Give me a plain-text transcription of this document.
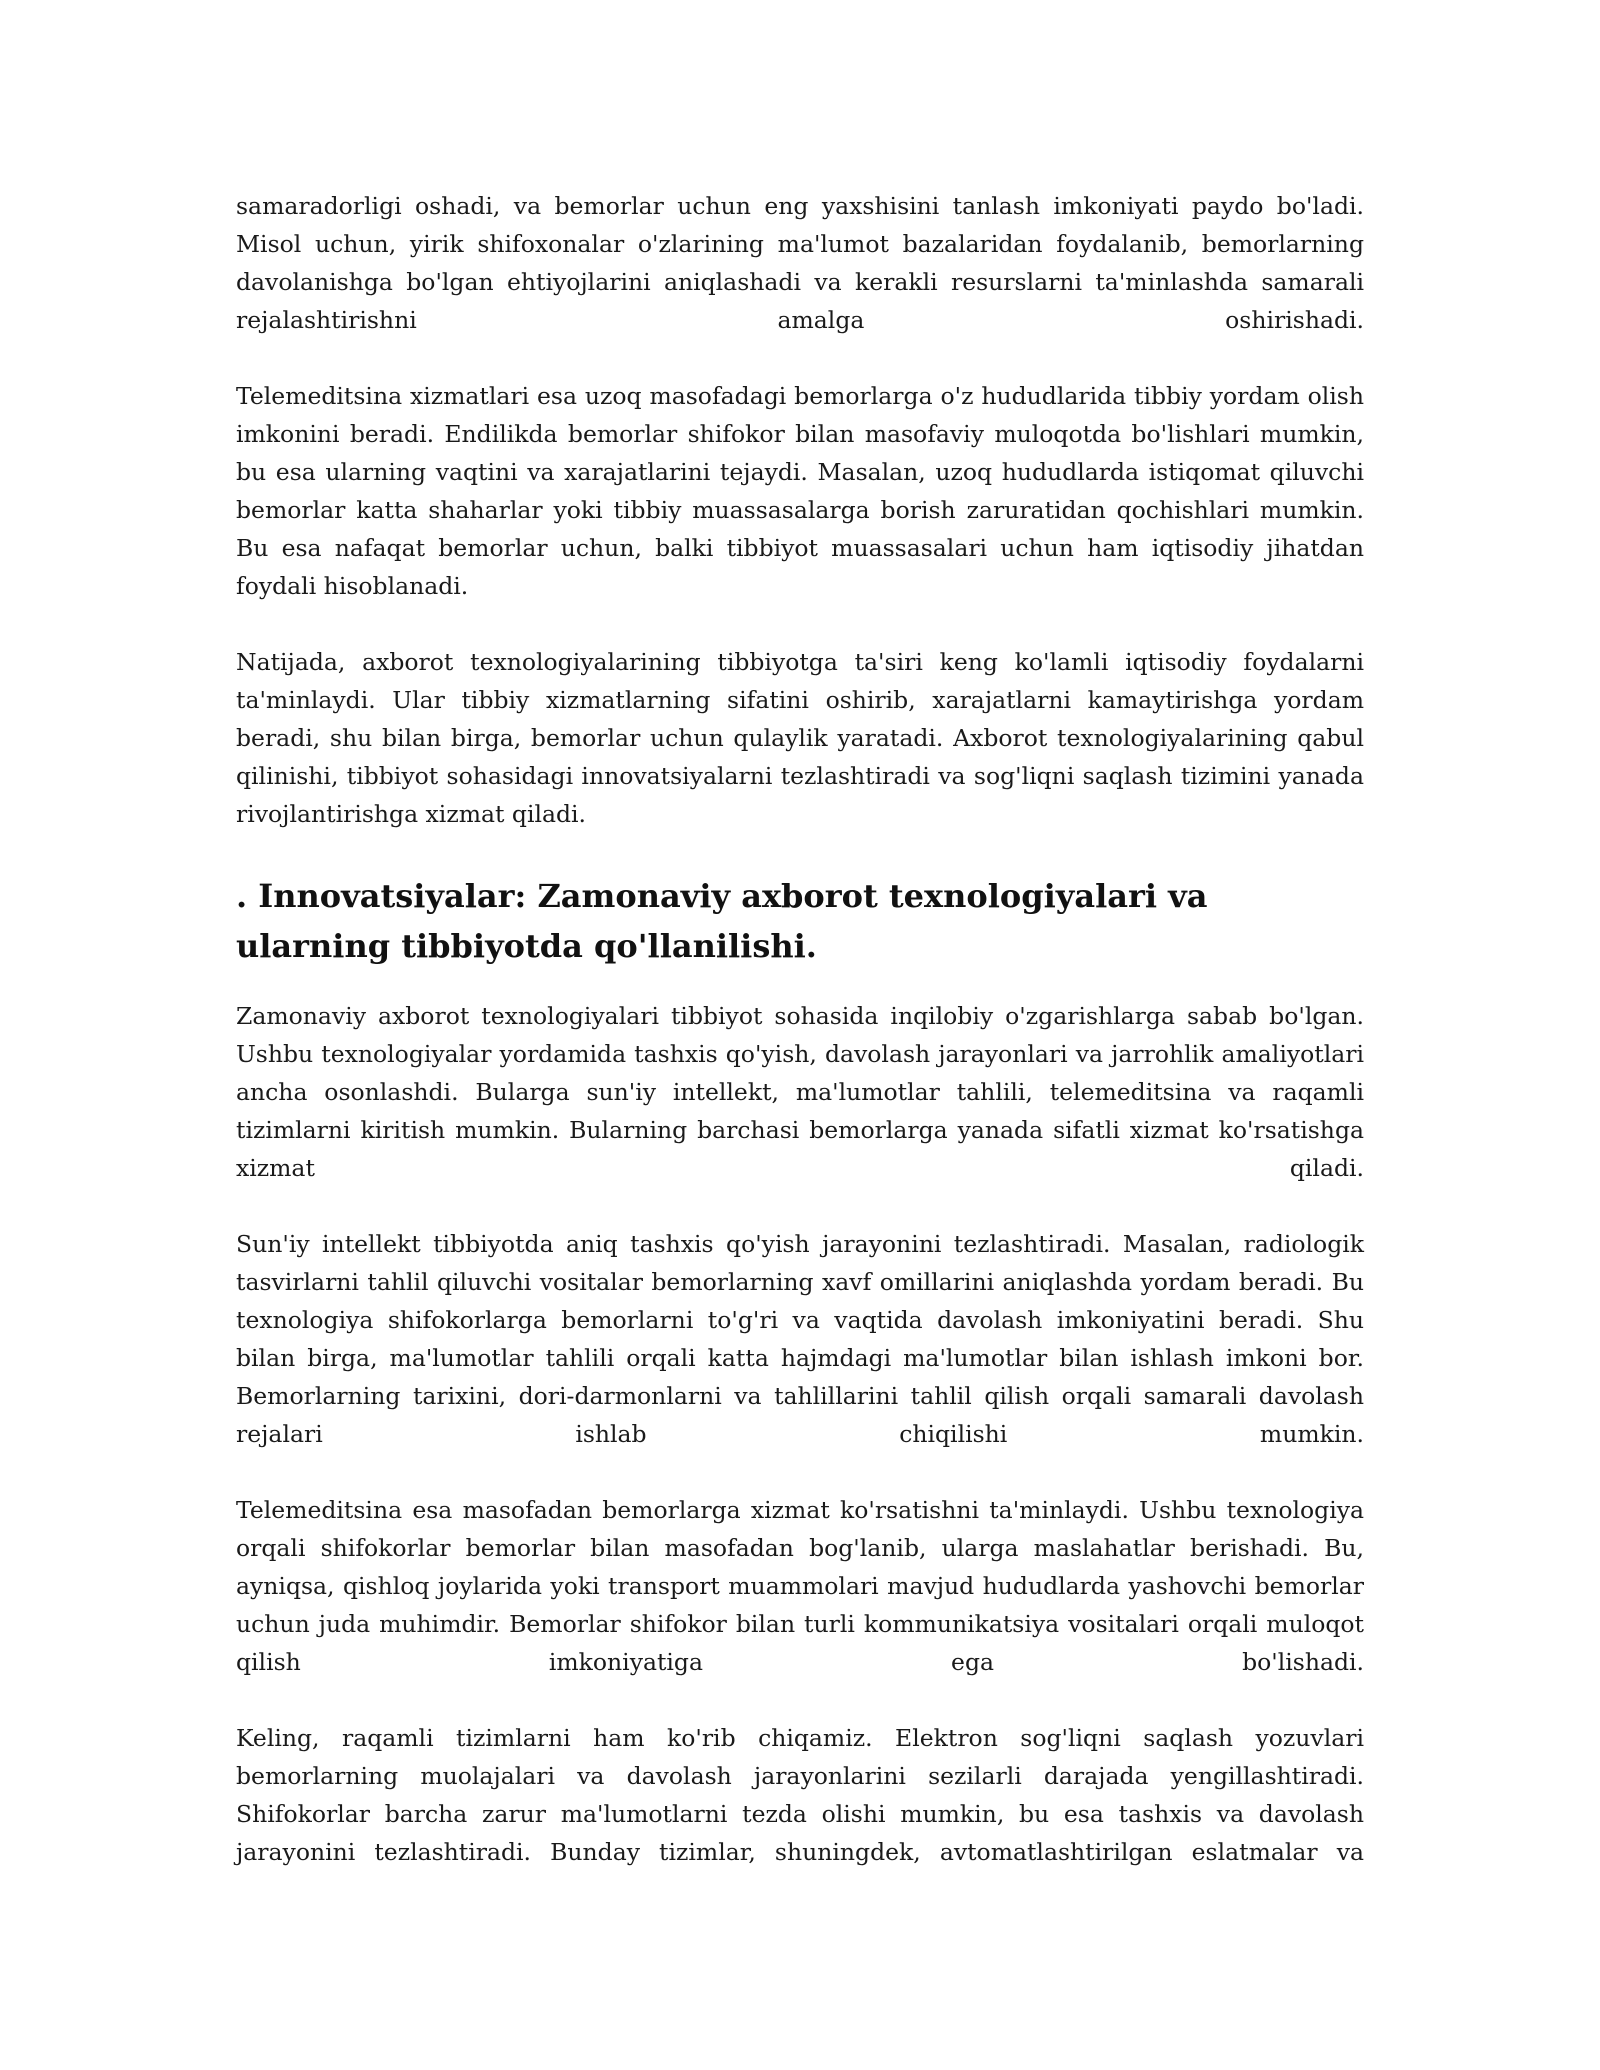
samaradorligi oshadi, va bemorlar uchun eng yaxshisini tanlash imkoniyati paydo bo'ladi. Misol uchun, yirik shifoxonalar o'zlarining ma'lumot bazalaridan foydalanib, bemorlarning davolanishga bo'lgan ehtiyojlarini aniqlashadi va kerakli resurslarni ta'minlashda samarali rejalashtirishni amalga oshirishadi.

Telemeditsina xizmatlari esa uzoq masofadagi bemorlarga o'z hududlarida tibbiy yordam olish imkonini beradi. Endilikda bemorlar shifokor bilan masofaviy muloqotda bo'lishlari mumkin, bu esa ularning vaqtini va xarajatlarini tejaydi. Masalan, uzoq hududlarda istiqomat qiluvchi bemorlar katta shaharlar yoki tibbiy muassasalarga borish zaruratidan qochishlari mumkin. Bu esa nafaqat bemorlar uchun, balki tibbiyot muassasalari uchun ham iqtisodiy jihatdan foydali hisoblanadi.

Natijada, axborot texnologiyalarining tibbiyotga ta'siri keng ko'lamli iqtisodiy foydalarni ta'minlaydi. Ular tibbiy xizmatlarning sifatini oshirib, xarajatlarni kamaytirishga yordam beradi, shu bilan birga, bemorlar uchun qulaylik yaratadi. Axborot texnologiyalarining qabul qilinishi, tibbiyot sohasidagi innovatsiyalarni tezlashtiradi va sog'liqni saqlash tizimini yanada rivojlantirishga xizmat qiladi.

. Innovatsiyalar: Zamonaviy axborot texnologiyalari va ularning tibbiyotda qo'llanilishi.

Zamonaviy axborot texnologiyalari tibbiyot sohasida inqilobiy o'zgarishlarga sabab bo'lgan. Ushbu texnologiyalar yordamida tashxis qo'yish, davolash jarayonlari va jarrohlik amaliyotlari ancha osonlashdi. Bularga sun'iy intellekt, ma'lumotlar tahlili, telemeditsina va raqamli tizimlarni kiritish mumkin. Bularning barchasi bemorlarga yanada sifatli xizmat ko'rsatishga xizmat qiladi.

Sun'iy intellekt tibbiyotda aniq tashxis qo'yish jarayonini tezlashtiradi. Masalan, radiologik tasvirlarni tahlil qiluvchi vositalar bemorlarning xavf omillarini aniqlashda yordam beradi. Bu texnologiya shifokorlarga bemorlarni to'g'ri va vaqtida davolash imkoniyatini beradi. Shu bilan birga, ma'lumotlar tahlili orqali katta hajmdagi ma'lumotlar bilan ishlash imkoni bor. Bemorlarning tarixini, dori-darmonlarni va tahlillarini tahlil qilish orqali samarali davolash rejalari ishlab chiqilishi mumkin.

Telemeditsina esa masofadan bemorlarga xizmat ko'rsatishni ta'minlaydi. Ushbu texnologiya orqali shifokorlar bemorlar bilan masofadan bog'lanib, ularga maslahatlar berishadi. Bu, ayniqsa, qishloq joylarida yoki transport muammolari mavjud hududlarda yashovchi bemorlar uchun juda muhimdir. Bemorlar shifokor bilan turli kommunikatsiya vositalari orqali muloqot qilish imkoniyatiga ega bo'lishadi.

Keling, raqamli tizimlarni ham ko'rib chiqamiz. Elektron sog'liqni saqlash yozuvlari bemorlarning muolajalari va davolash jarayonlarini sezilarli darajada yengillashtiradi. Shifokorlar barcha zarur ma'lumotlarni tezda olishi mumkin, bu esa tashxis va davolash jarayonini tezlashtiradi. Bunday tizimlar, shuningdek, avtomatlashtirilgan eslatmalar va
